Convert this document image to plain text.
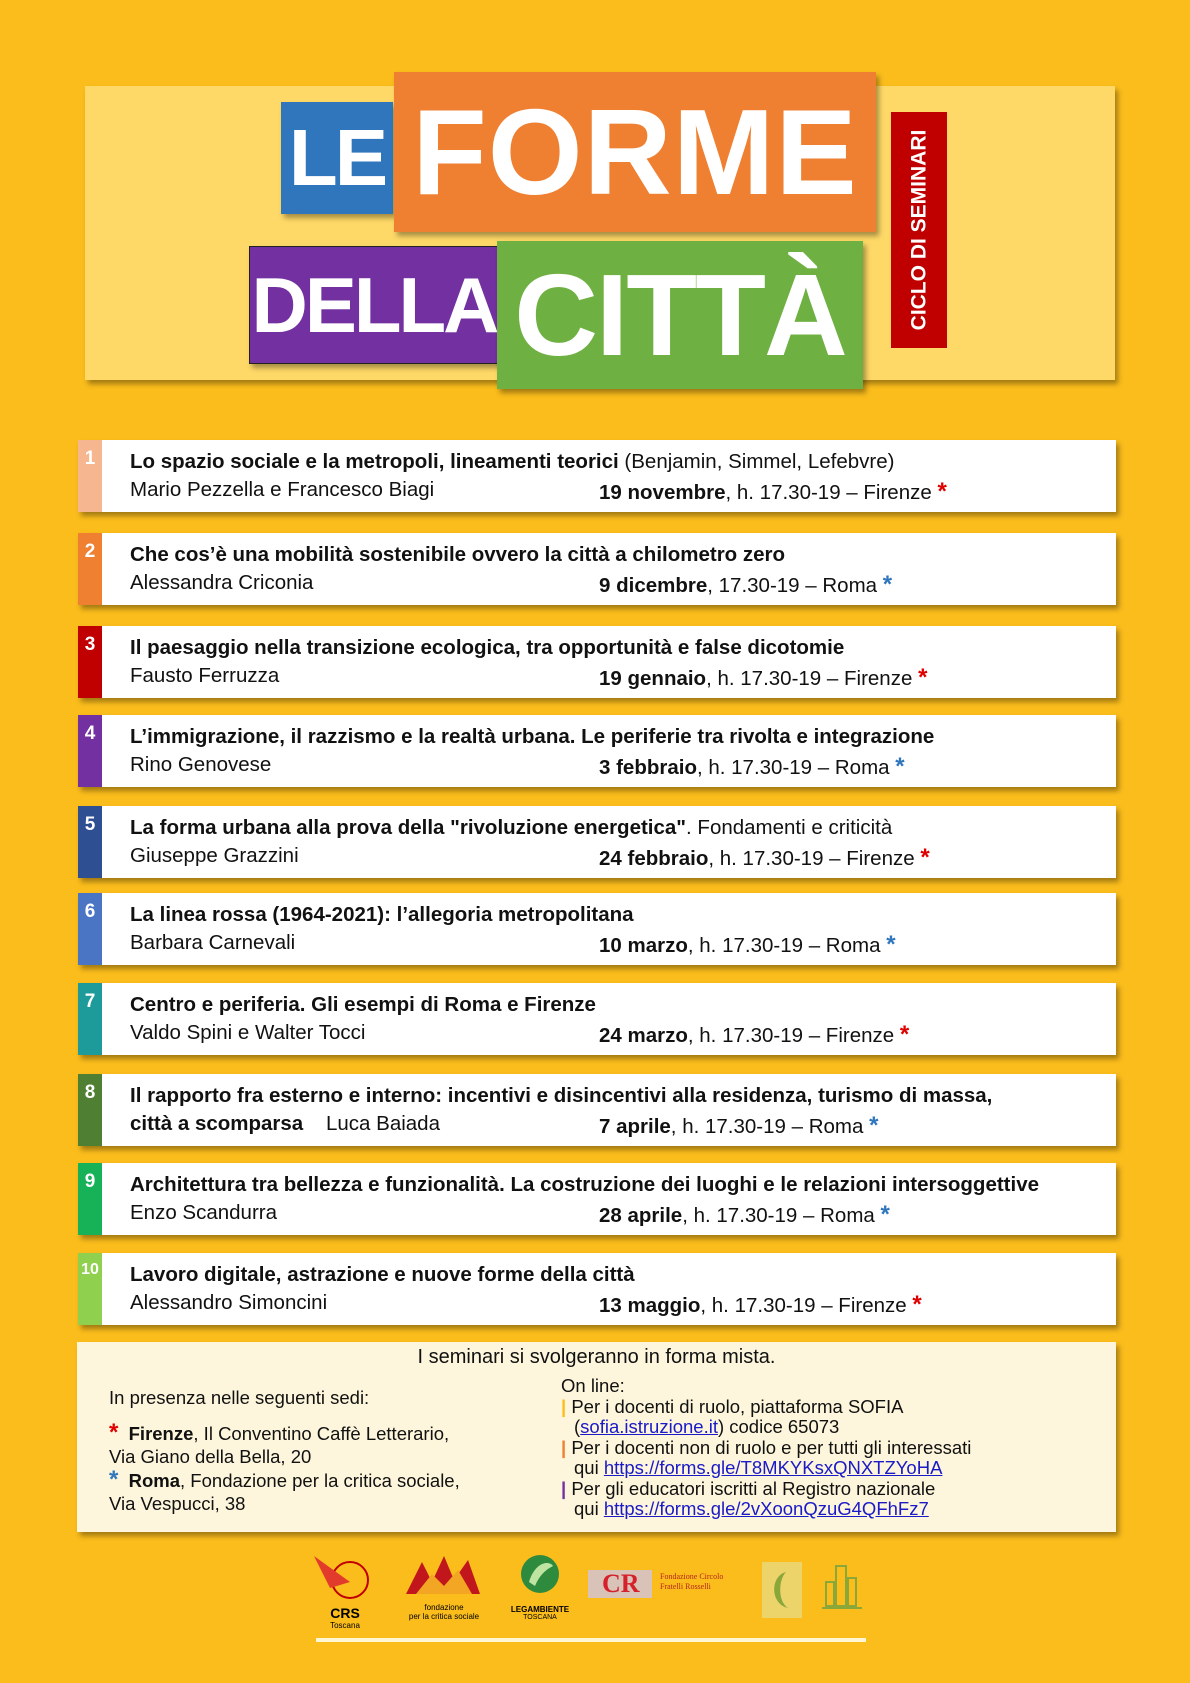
LE FORME
DELLA CITTÀ	CICLO DI SEMINARI
1	Lo spazio sociale e la metropoli, lineamenti teorici (Benjamin, Simmel, Lefebvre)
Mario Pezzella e Francesco Biagi	19 novembre, h. 17.30-19 – Firenze *
2	Che cos’è una mobilità sostenibile ovvero la città a chilometro zero
Alessandra Criconia	9 dicembre, 17.30-19 – Roma *
3	Il paesaggio nella transizione ecologica, tra opportunità e false dicotomie
Fausto Ferruzza	19 gennaio, h. 17.30-19 – Firenze *
4	L’immigrazione, il razzismo e la realtà urbana. Le periferie tra rivolta e integrazione
Rino Genovese	3 febbraio, h. 17.30-19 – Roma *
5	La forma urbana alla prova della "rivoluzione energetica". Fondamenti e criticità
Giuseppe Grazzini	24 febbraio, h. 17.30-19 – Firenze *
6	La linea rossa (1964-2021): l’allegoria metropolitana
Barbara Carnevali	10 marzo, h. 17.30-19 – Roma *
7	Centro e periferia. Gli esempi di Roma e Firenze
Valdo Spini e Walter Tocci	24 marzo, h. 17.30-19 – Firenze *
8	Il rapporto fra esterno e interno: incentivi e disincentivi alla residenza, turismo di massa,
città a scomparsa Luca Baiada	7 aprile, h. 17.30-19 – Roma *
9	Architettura tra bellezza e funzionalità. La costruzione dei luoghi e le relazioni intersoggettive
Enzo Scandurra	28 aprile, h. 17.30-19 – Roma *
10 Lavoro digitale, astrazione e nuove forme della città
Alessandro Simoncini	13 maggio, h. 17.30-19 – Firenze *
I seminari si svolgeranno in forma mista.
In presenza nelle seguenti sedi:
* Firenze, Il Conventino Caffè Letterario,
Via Giano della Bella, 20
* Roma, Fondazione per la critica sociale,
Via Vespucci, 38
On line:
| Per i docenti di ruolo, piattaforma SOFIA
(sofia.istruzione.it) codice 65073
| Per i docenti non di ruolo e per tutti gli interessati
qui https://forms.gle/T8MKYKsxQNXTZYoHA
| Per gli educatori iscritti al Registro nazionale
qui https://forms.gle/2vXoonQzuG4QFhFz7
CRS
Toscana
fondazione
per la critica sociale
LEGAMBIENTE
TOSCANA
CR	Fondazione Circolo
Fratelli Rosselli
